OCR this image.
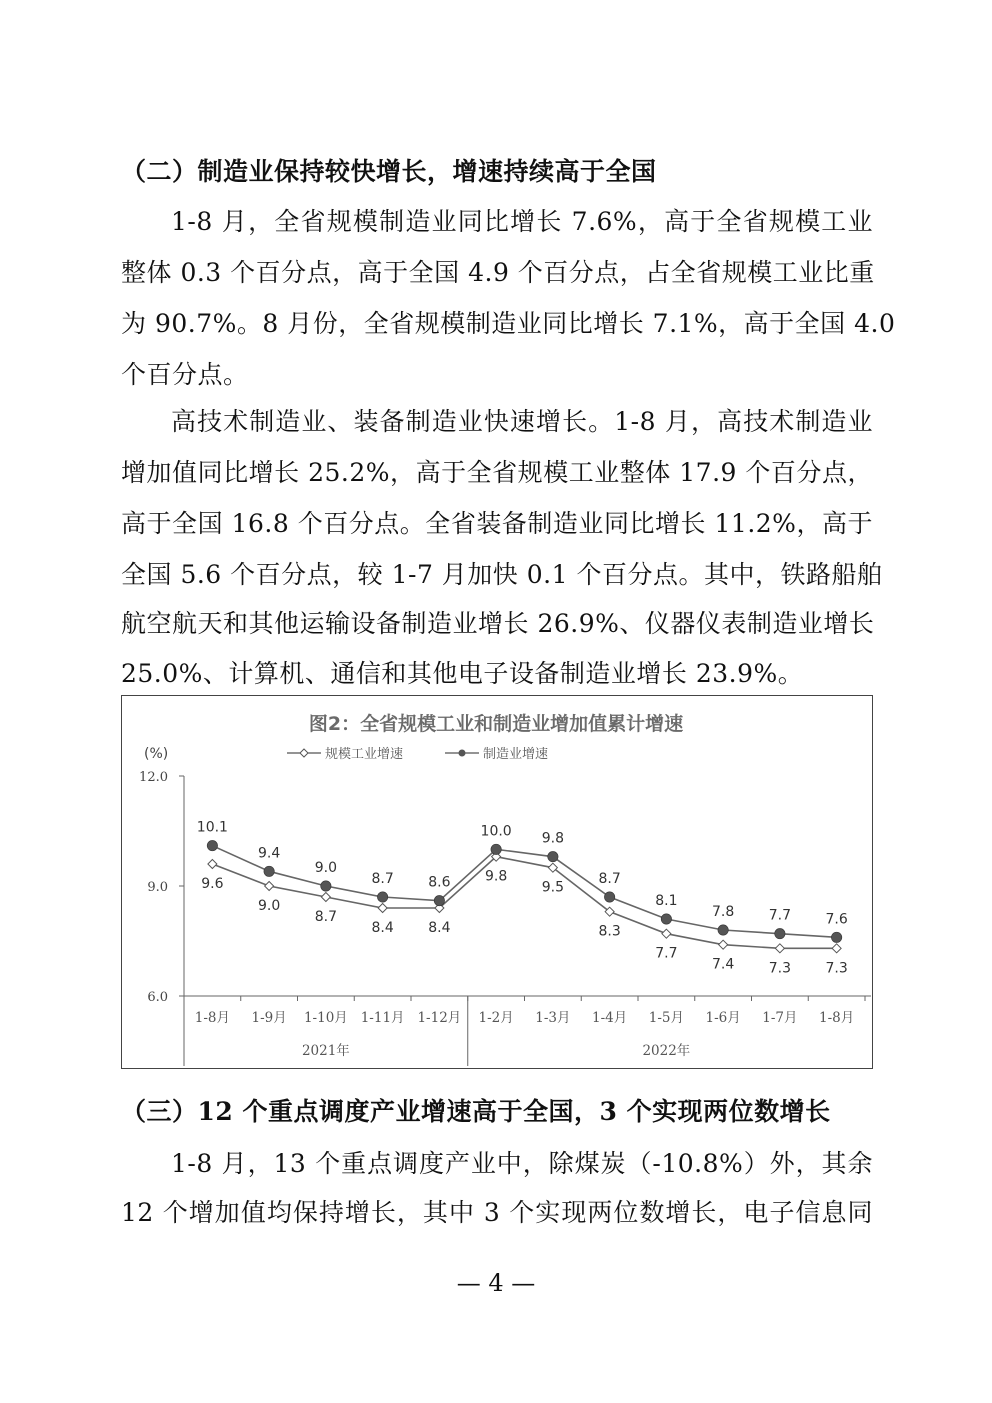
（二）制造业保持较快增长，增速持续高于全国
1-8 月，全省规模制造业同比增长 7.6%，高于全省规模工业
整体 0.3 个百分点，高于全国 4.9 个百分点，占全省规模工业比重
为 90.7%。8 月份，全省规模制造业同比增长 7.1%，高于全国 4.0
个百分点。
高技术制造业、装备制造业快速增长。1-8 月，高技术制造业
增加值同比增长 25.2%，高于全省规模工业整体 17.9 个百分点，
高于全国 16.8 个百分点。全省装备制造业同比增长 11.2%，高于
全国 5.6 个百分点，较 1-7 月加快 0.1 个百分点。其中，铁路船舶
航空航天和其他运输设备制造业增长 26.9%、仪器仪表制造业增长
25.0%、计算机、通信和其他电子设备制造业增长 23.9%。
图2：全省规模工业和制造业增加值累计增速
(%)	规模工业增速	制造业增速
12.0
9.0
6.0
1-8月 1-9月 1-10月 1-11月 1-12月 1-2月 1-3月 1-4月 1-5月 1-6月 1-7月 1-8月
2021年	2022年
9.6
9.0
8.7
8.4 8.4
9.8
9.5
8.3
7.7
7.4 7.3 7.3
10.1
9.4
9.0
8.7 8.6
10.0 9.8
8.7
8.1
7.8 7.7 7.6
（三）12 个重点调度产业增速高于全国，3 个实现两位数增长
1-8 月，13 个重点调度产业中，除煤炭（-10.8%）外，其余
12 个增加值均保持增长，其中 3 个实现两位数增长，电子信息同
— 4 —
